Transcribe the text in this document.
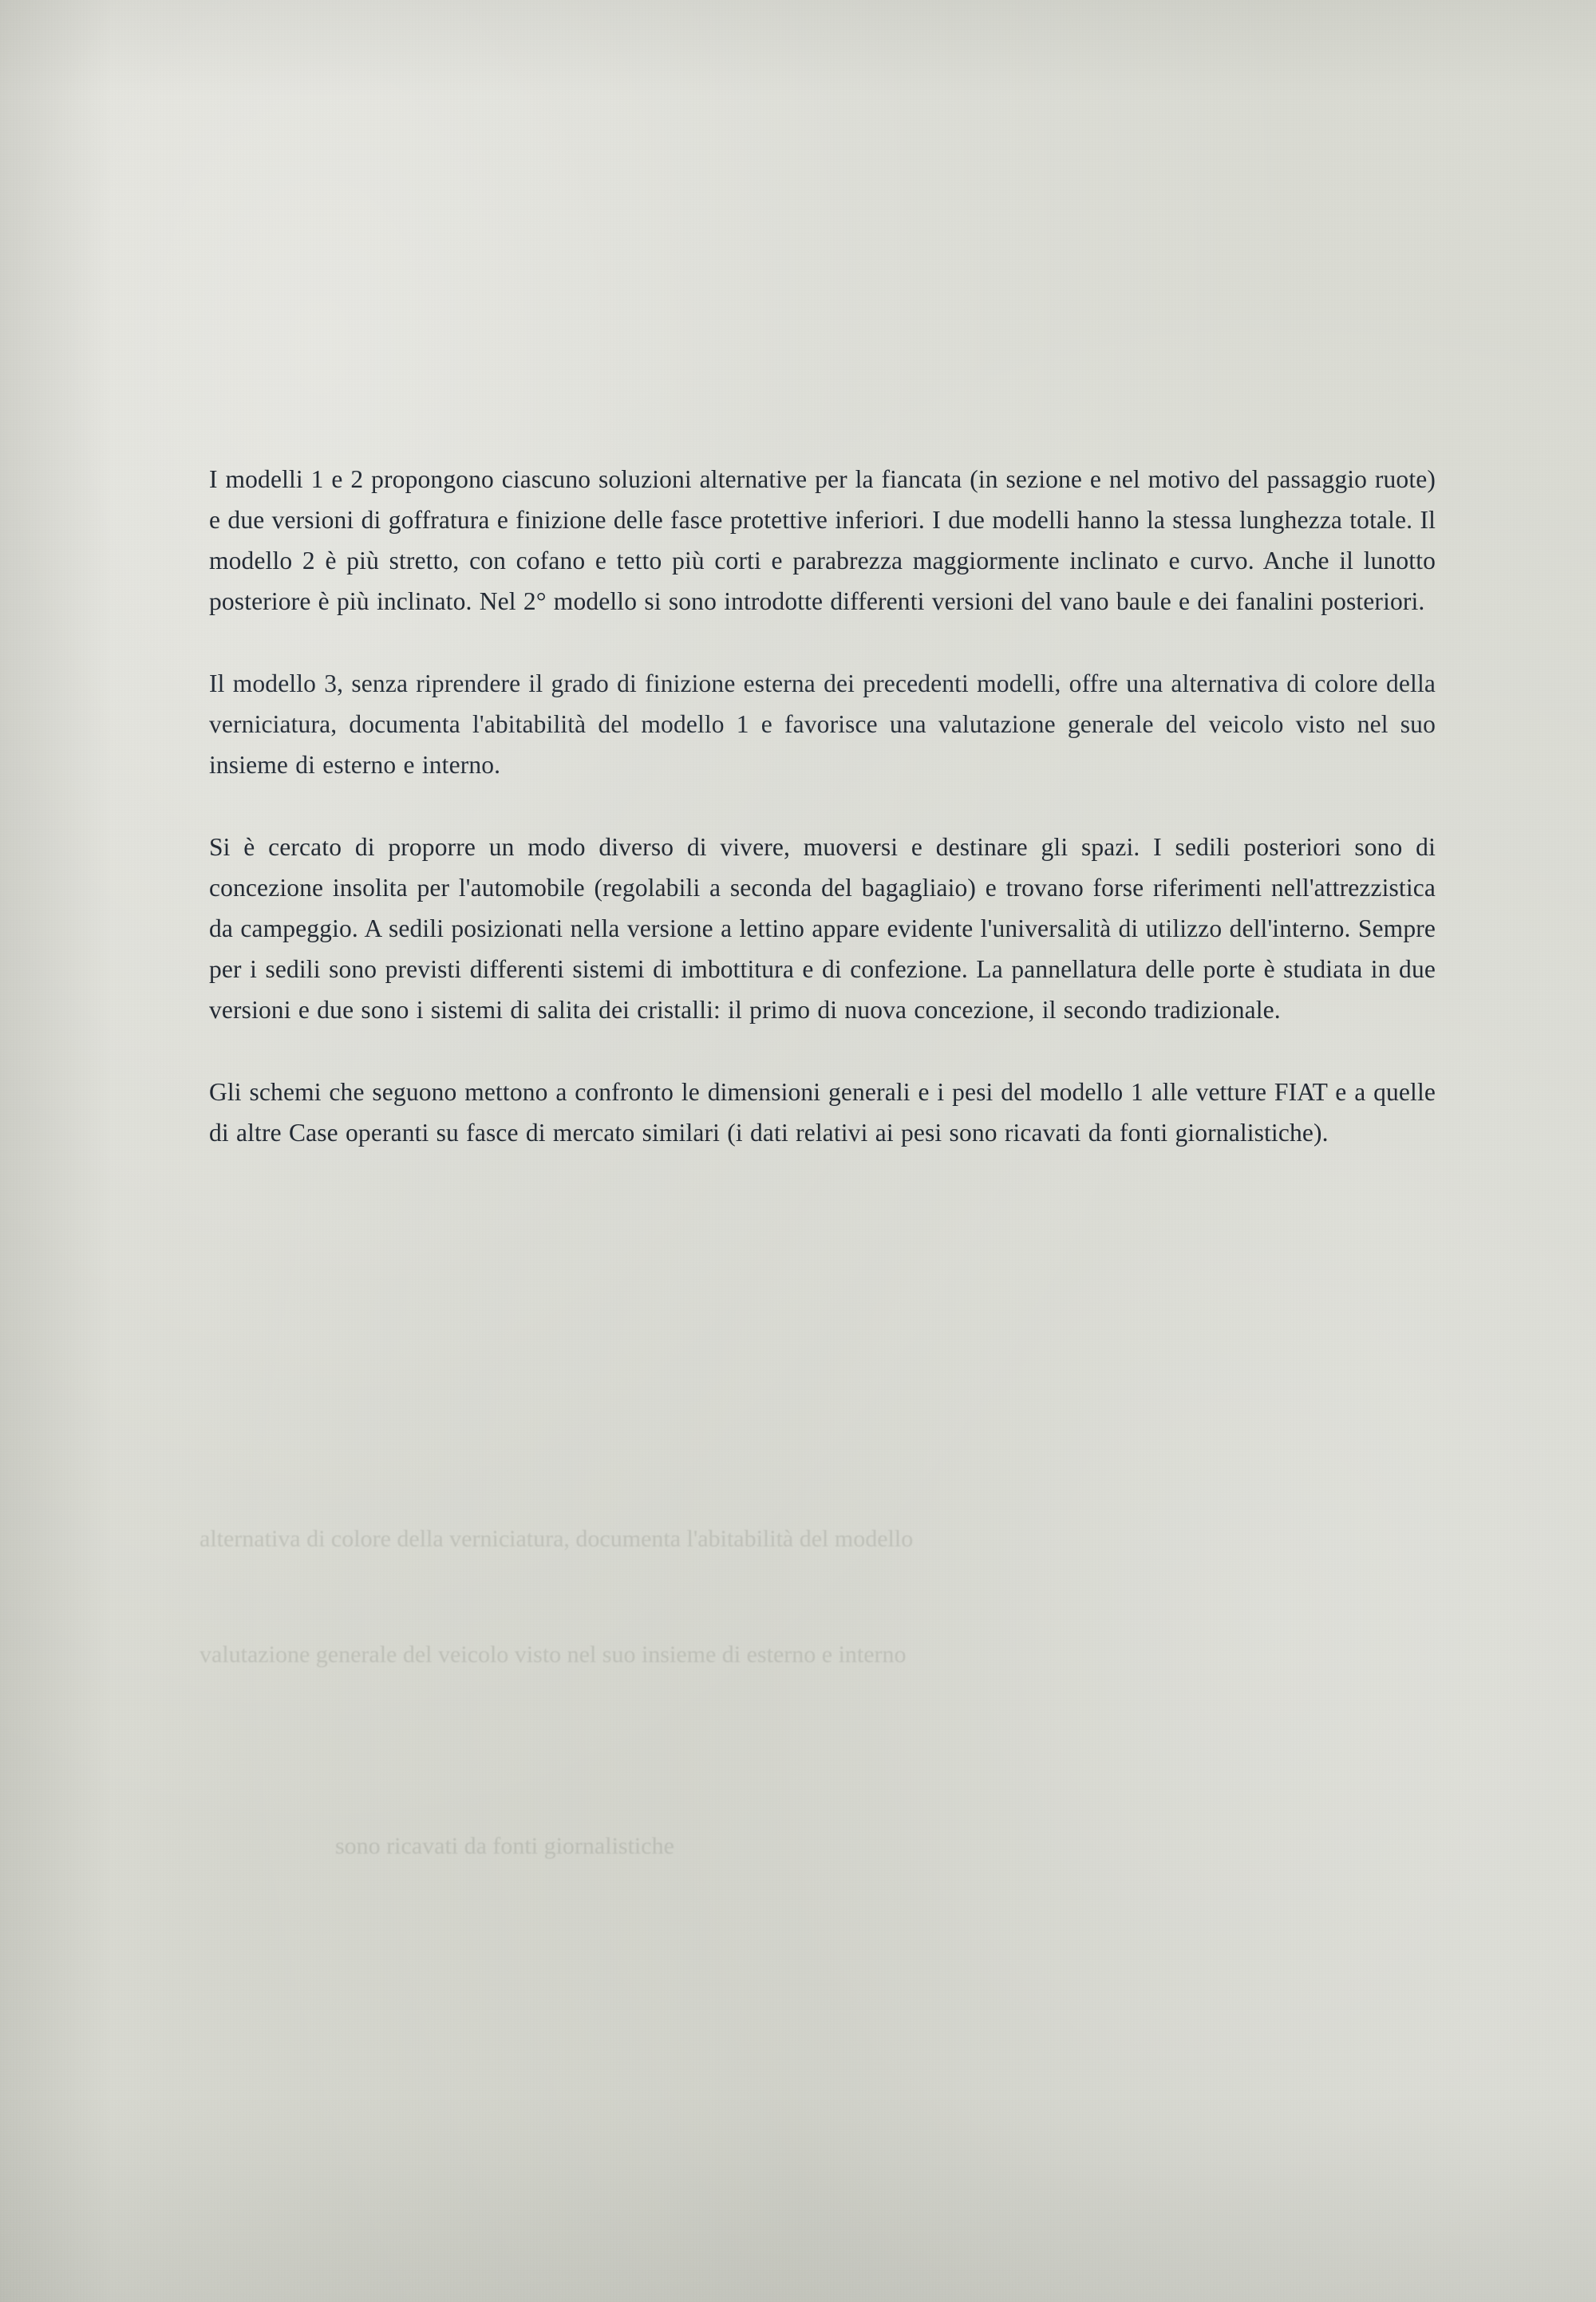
alternativa di colore della verniciatura, documenta l'abitabilità del modello
valutazione generale del veicolo visto nel suo insieme di esterno e interno
sono ricavati da fonti giornalistiche

I modelli 1 e 2 propongono ciascuno soluzioni alternative per la fiancata (in sezione e nel motivo del passaggio ruote) e due versioni di goffratura e finizione delle fasce protettive inferiori. I due modelli hanno la stessa lunghezza totale. Il modello 2 è più stretto, con cofano e tetto più corti e parabrezza maggiormente inclinato e curvo. Anche il lunotto posteriore è più inclinato. Nel 2° modello si sono introdotte differenti versioni del vano baule e dei fanalini posteriori.

Il modello 3, senza riprendere il grado di finizione esterna dei precedenti modelli, offre una alternativa di colore della verniciatura, documenta l'abitabilità del modello 1 e favorisce una valutazione generale del veicolo visto nel suo insieme di esterno e interno.

Si è cercato di proporre un modo diverso di vivere, muoversi e destinare gli spazi. I sedili posteriori sono di concezione insolita per l'automobile (regolabili a seconda del bagagliaio) e trovano forse riferimenti nell'attrezzistica da campeggio. A sedili posizionati nella versione a lettino appare evidente l'universalità di utilizzo dell'interno. Sempre per i sedili sono previsti differenti sistemi di imbottitura e di confezione. La pannellatura delle porte è studiata in due versioni e due sono i sistemi di salita dei cristalli: il primo di nuova concezione, il secondo tradizionale.

Gli schemi che seguono mettono a confronto le dimensioni generali e i pesi del modello 1 alle vetture FIAT e a quelle di altre Case operanti su fasce di mercato similari (i dati relativi ai pesi sono ricavati da fonti giornalistiche).
